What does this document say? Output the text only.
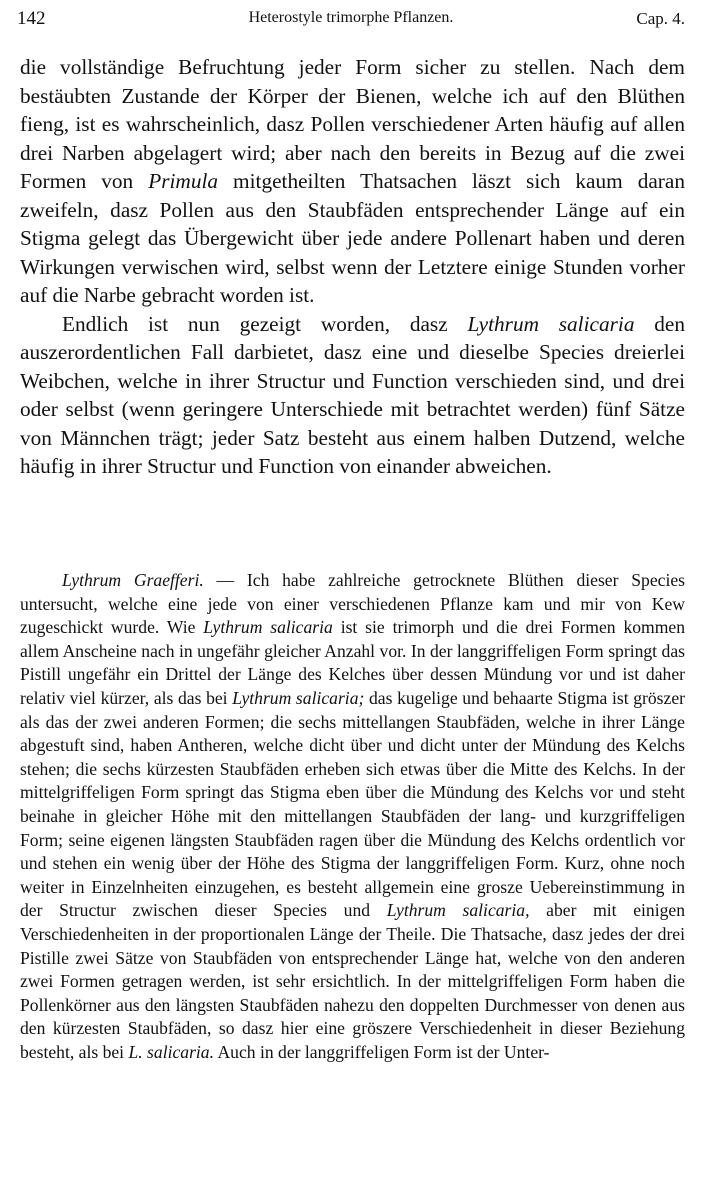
142	Heterostyle trimorphe Pflanzen.	Cap. 4.

die vollständige Befruchtung jeder Form sicher zu stellen. Nach dem bestäubten Zustande der Körper der Bienen, welche ich auf den Blüthen fieng, ist es wahrscheinlich, dasz Pollen verschiedener Arten häufig auf allen drei Narben abgelagert wird; aber nach den bereits in Bezug auf die zwei Formen von Primula mitgetheilten Thatsachen läszt sich kaum daran zweifeln, dasz Pollen aus den Staubfäden entsprechender Länge auf ein Stigma gelegt das Übergewicht über jede andere Pollenart haben und deren Wirkungen verwischen wird, selbst wenn der Letztere einige Stunden vorher auf die Narbe gebracht worden ist.

Endlich ist nun gezeigt worden, dasz Lythrum salicaria den auszerordentlichen Fall darbietet, dasz eine und dieselbe Species dreierlei Weibchen, welche in ihrer Structur und Function verschieden sind, und drei oder selbst (wenn geringere Unterschiede mit betrachtet werden) fünf Sätze von Männchen trägt; jeder Satz besteht aus einem halben Dutzend, welche häufig in ihrer Structur und Function von einander abweichen.

Lythrum Graefferi. — Ich habe zahlreiche getrocknete Blüthen dieser Species untersucht, welche eine jede von einer verschiedenen Pflanze kam und mir von Kew zugeschickt wurde. Wie Lythrum salicaria ist sie trimorph und die drei Formen kommen allem Anscheine nach in ungefähr gleicher Anzahl vor. In der langgriffeligen Form springt das Pistill ungefähr ein Drittel der Länge des Kelches über dessen Mündung vor und ist daher relativ viel kürzer, als das bei Lythrum salicaria; das kugelige und behaarte Stigma ist gröszer als das der zwei anderen Formen; die sechs mittellangen Staubfäden, welche in ihrer Länge abgestuft sind, haben Antheren, welche dicht über und dicht unter der Mündung des Kelchs stehen; die sechs kürzesten Staubfäden erheben sich etwas über die Mitte des Kelchs. In der mittelgriffeligen Form springt das Stigma eben über die Mündung des Kelchs vor und steht beinahe in gleicher Höhe mit den mittellangen Staubfäden der lang- und kurzgriffeligen Form; seine eigenen längsten Staubfäden ragen über die Mündung des Kelchs ordentlich vor und stehen ein wenig über der Höhe des Stigma der langgriffeligen Form. Kurz, ohne noch weiter in Einzelnheiten einzugehen, es besteht allgemein eine grosze Uebereinstimmung in der Structur zwischen dieser Species und Lythrum salicaria, aber mit einigen Verschiedenheiten in der proportionalen Länge der Theile. Die Thatsache, dasz jedes der drei Pistille zwei Sätze von Staubfäden von entsprechender Länge hat, welche von den anderen zwei Formen getragen werden, ist sehr ersichtlich. In der mittelgriffeligen Form haben die Pollenkörner aus den längsten Staubfäden nahezu den doppelten Durchmesser von denen aus den kürzesten Staubfäden, so dasz hier eine gröszere Verschiedenheit in dieser Beziehung besteht, als bei L. salicaria. Auch in der langgriffeligen Form ist der Unter-
